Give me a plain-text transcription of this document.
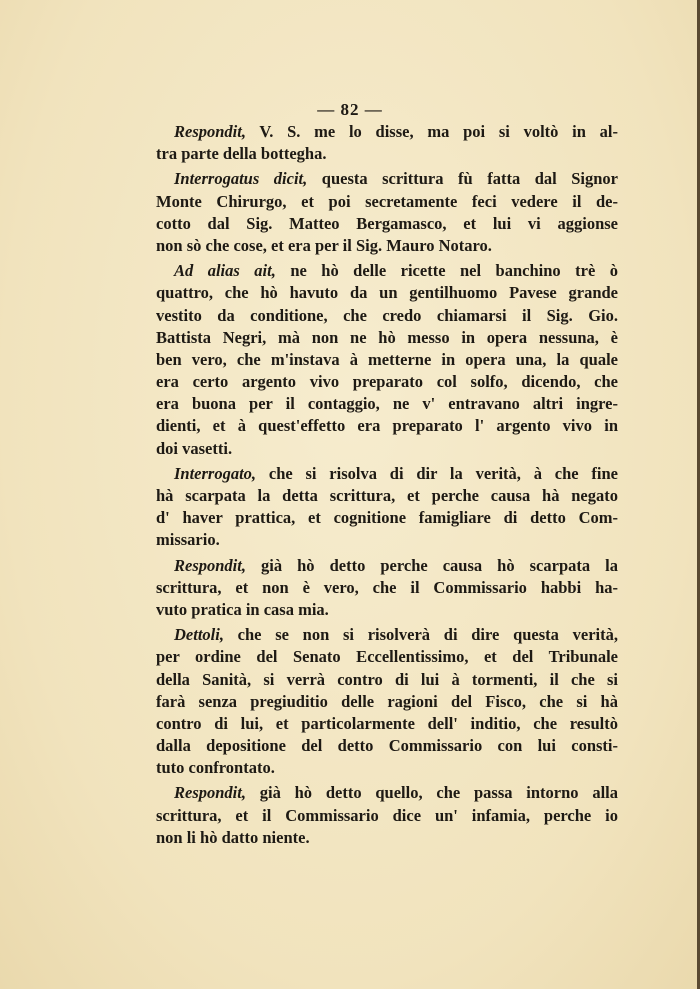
— 82 —
Respondit, V. S. me lo disse, ma poi si voltò in al-
tra parte della bottegha.
Interrogatus dicit, questa scrittura fù fatta dal Signor
Monte Chirurgo, et poi secretamente feci vedere il de-
cotto dal Sig. Matteo Bergamasco, et lui vi aggionse
non sò che cose, et era per il Sig. Mauro Notaro.
Ad alias ait, ne hò delle ricette nel banchino trè ò
quattro, che hò havuto da un gentilhuomo Pavese grande
vestito da conditione, che credo chiamarsi il Sig. Gio.
Battista Negri, mà non ne hò messo in opera nessuna, è
ben vero, che m'instava à metterne in opera una, la quale
era certo argento vivo preparato col solfo, dicendo, che
era buona per il contaggio, ne v' entravano altri ingre-
dienti, et à quest'effetto era preparato l' argento vivo in
doi vasetti.
Interrogato, che si risolva di dir la verità, à che fine
hà scarpata la detta scrittura, et perche causa hà negato
d' haver prattica, et cognitione famigliare di detto Com-
missario.
Respondit, già hò detto perche causa hò scarpata la
scrittura, et non è vero, che il Commissario habbi ha-
vuto pratica in casa mia.
Dettoli, che se non si risolverà di dire questa verità,
per ordine del Senato Eccellentissimo, et del Tribunale
della Sanità, si verrà contro di lui à tormenti, il che si
farà senza pregiuditio delle ragioni del Fisco, che si hà
contro di lui, et particolarmente dell' inditio, che resultò
dalla depositione del detto Commissario con lui consti-
tuto confrontato.
Respondit, già hò detto quello, che passa intorno alla
scrittura, et il Commissario dice un' infamia, perche io
non li hò datto niente.
